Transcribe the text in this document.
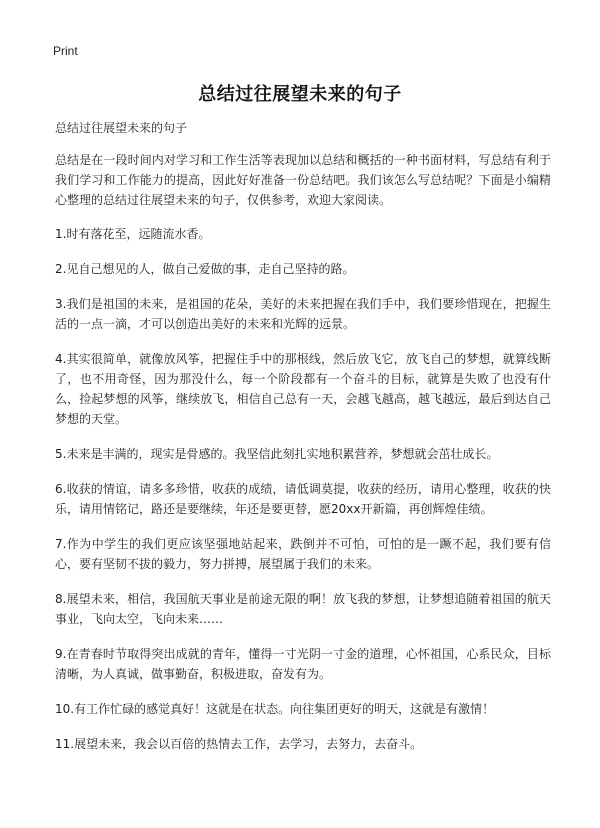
Print
总结过往展望未来的句子

总结过往展望未来的句子

总结是在一段时间内对学习和工作生活等表现加以总结和概括的一种书面材料，写总结有利于我们学习和工作能力的提高，因此好好准备一份总结吧。我们该怎么写总结呢？下面是小编精心整理的总结过往展望未来的句子，仅供参考，欢迎大家阅读。

1.时有落花至，远随流水香。

2.见自己想见的人，做自己爱做的事，走自己坚持的路。

3.我们是祖国的未来，是祖国的花朵，美好的未来把握在我们手中，我们要珍惜现在，把握生活的一点一滴，才可以创造出美好的未来和光辉的远景。

4.其实很简单，就像放风筝，把握住手中的那根线，然后放飞它，放飞自己的梦想，就算线断了，也不用奇怪，因为那没什么，每一个阶段都有一个奋斗的目标，就算是失败了也没有什么，捡起梦想的风筝，继续放飞，相信自己总有一天，会越飞越高，越飞越远，最后到达自己梦想的天堂。

5.未来是丰满的，现实是骨感的。我坚信此刻扎实地积累营养，梦想就会茁壮成长。

6.收获的情谊，请多多珍惜，收获的成绩，请低调莫提，收获的经历，请用心整理，收获的快乐，请用情铭记，路还是要继续，年还是要更替，愿20xx开新篇，再创辉煌佳绩。

7.作为中学生的我们更应该坚强地站起来，跌倒并不可怕，可怕的是一蹶不起，我们要有信心，要有坚韧不拔的毅力，努力拼搏，展望属于我们的未来。

8.展望未来，相信，我国航天事业是前途无限的啊！放飞我的梦想，让梦想追随着祖国的航天事业，飞向太空，飞向未来……

9.在青春时节取得突出成就的青年，懂得一寸光阴一寸金的道理，心怀祖国，心系民众，目标清晰，为人真诚，做事勤奋，积极进取，奋发有为。

10.有工作忙碌的感觉真好！这就是在状态。向往集团更好的明天，这就是有激情！

11.展望未来，我会以百倍的热情去工作，去学习，去努力，去奋斗。
